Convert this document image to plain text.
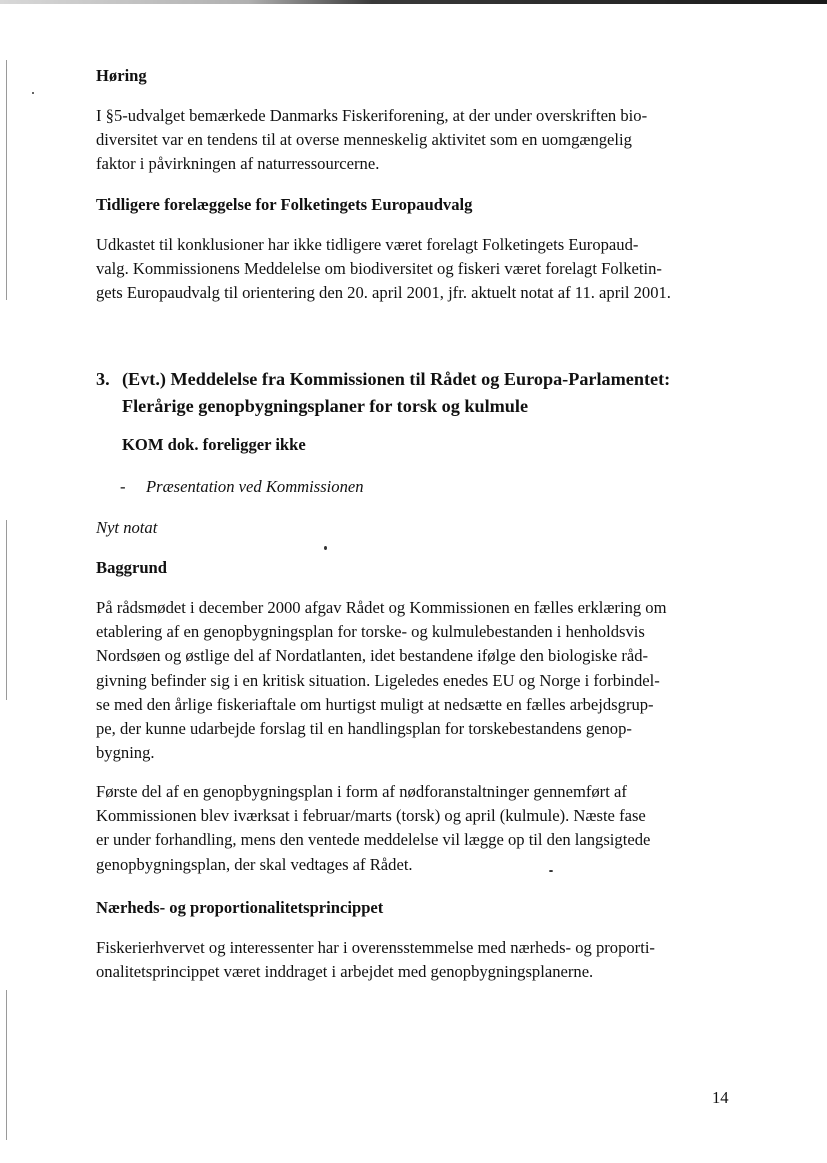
Høring
I §5-udvalget bemærkede Danmarks Fiskeriforening, at der under overskriften bio-
diversitet var en tendens til at overse menneskelig aktivitet som en uomgængelig
faktor i påvirkningen af naturressourcerne.
Tidligere forelæggelse for Folketingets Europaudvalg
Udkastet til konklusioner har ikke tidligere været forelagt Folketingets Europaud-
valg. Kommissionens Meddelelse om biodiversitet og fiskeri været forelagt Folketin-
gets Europaudvalg til orientering den 20. april 2001, jfr. aktuelt notat af 11. april 2001.
3. (Evt.) Meddelelse fra Kommissionen til Rådet og Europa-Parlamentet:
Flerårige genopbygningsplaner for torsk og kulmule
KOM dok. foreligger ikke
-	Præsentation ved Kommissionen
Nyt notat
Baggrund
På rådsmødet i december 2000 afgav Rådet og Kommissionen en fælles erklæring om
etablering af en genopbygningsplan for torske- og kulmulebestanden i henholdsvis
Nordsøen og østlige del af Nordatlanten, idet bestandene ifølge den biologiske råd-
givning befinder sig i en kritisk situation. Ligeledes enedes EU og Norge i forbindel-
se med den årlige fiskeriaftale om hurtigst muligt at nedsætte en fælles arbejdsgrup-
pe, der kunne udarbejde forslag til en handlingsplan for torskebestandens genop-
bygning.
Første del af en genopbygningsplan i form af nødforanstaltninger gennemført af
Kommissionen blev iværksat i februar/marts (torsk) og april (kulmule). Næste fase
er under forhandling, mens den ventede meddelelse vil lægge op til den langsigtede
genopbygningsplan, der skal vedtages af Rådet.
Nærheds- og proportionalitetsprincippet
Fiskerierhvervet og interessenter har i overensstemmelse med nærheds- og proporti-
onalitetsprincippet været inddraget i arbejdet med genopbygningsplanerne.
14
